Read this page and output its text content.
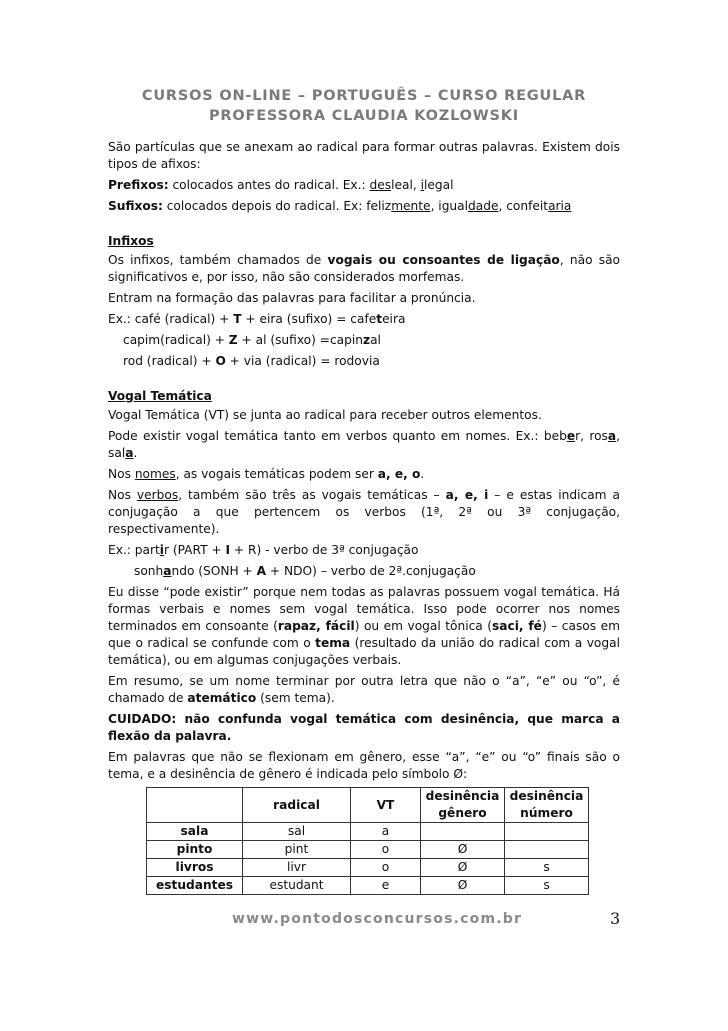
CURSOS ON-LINE – PORTUGUÊS – CURSO REGULAR
PROFESSORA CLAUDIA KOZLOWSKI

São partículas que se anexam ao radical para formar outras palavras. Existem dois tipos de afixos:

Prefixos: colocados antes do radical. Ex.: desleal, ilegal

Sufixos: colocados depois do radical. Ex: felizmente, igualdade, confeitaria

Infixos

Os infixos, também chamados de vogais ou consoantes de ligação, não são significativos e, por isso, não são considerados morfemas.

Entram na formação das palavras para facilitar a pronúncia.

Ex.: café (radical) + T + eira (sufixo) = cafeteira

capim(radical) + Z + al (sufixo) =capinzal

rod (radical) + O + via (radical) = rodovia

Vogal Temática

Vogal Temática (VT) se junta ao radical para receber outros elementos.

Pode existir vogal temática tanto em verbos quanto em nomes. Ex.: beber, rosa, sala.

Nos nomes, as vogais temáticas podem ser a, e, o.

Nos verbos, também são três as vogais temáticas – a, e, i – e estas indicam a conjugação a que pertencem os verbos (1ª, 2ª ou 3ª conjugação, respectivamente).

Ex.: partir (PART + I + R) - verbo de 3ª conjugação

sonhando (SONH + A + NDO) – verbo de 2ª.conjugação

Eu disse “pode existir” porque nem todas as palavras possuem vogal temática. Há formas verbais e nomes sem vogal temática. Isso pode ocorrer nos nomes terminados em consoante (rapaz, fácil) ou em vogal tônica (saci, fé) – casos em que o radical se confunde com o tema (resultado da união do radical com a vogal temática), ou em algumas conjugações verbais.

Em resumo, se um nome terminar por outra letra que não o “a”, “e” ou “o”, é chamado de atemático (sem tema).

CUIDADO: não confunda vogal temática com desinência, que marca a flexão da palavra.

Em palavras que não se flexionam em gênero, esse “a”, “e” ou “o” finais são o tema, e a desinência de gênero é indicada pelo símbolo Ø:

	radical	VT	desinência gênero	desinência número
sala	sal	a		
pinto	pint	o	Ø	
livros	livr	o	Ø	s
estudantes	estudant	e	Ø	s
www.pontodosconcursos.com.br	3
